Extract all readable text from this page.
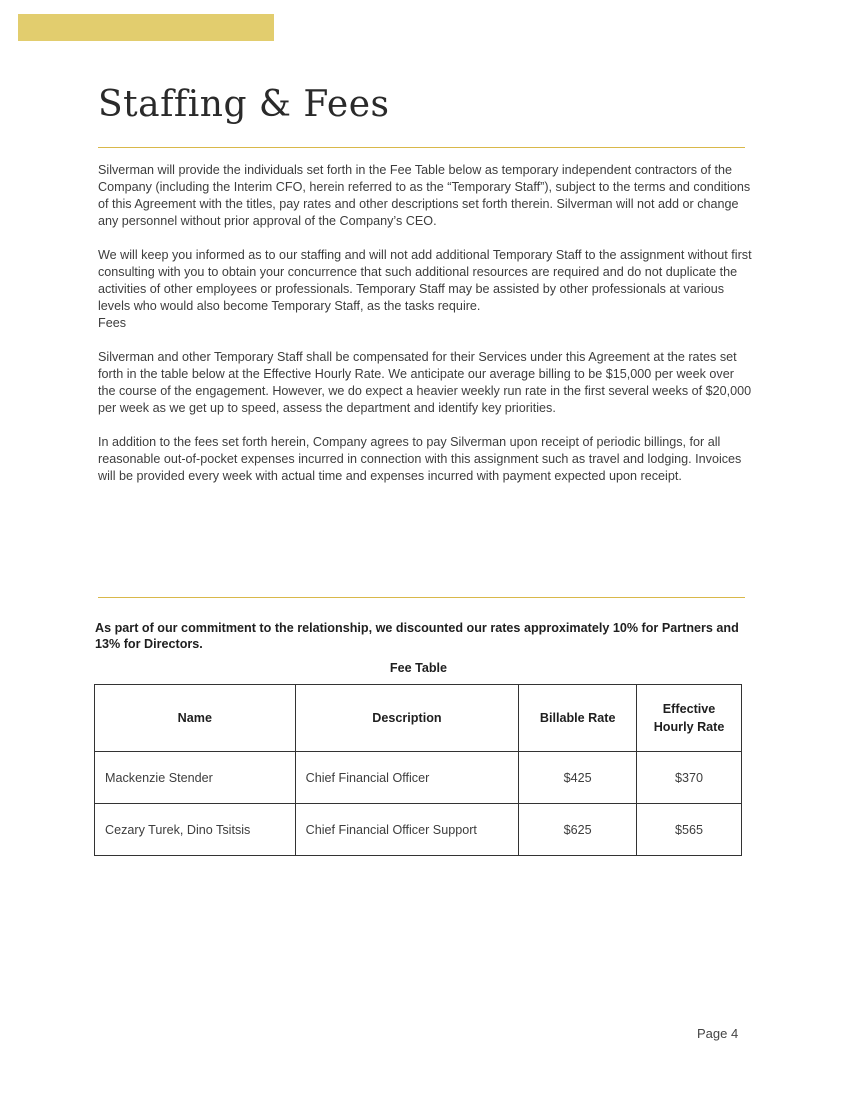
Staffing & Fees

Silverman will provide the individuals set forth in the Fee Table below as temporary independent contractors of the Company (including the Interim CFO, herein referred to as the “Temporary Staff”), subject to the terms and conditions of this Agreement with the titles, pay rates and other descriptions set forth therein. Silverman will not add or change any personnel without prior approval of the Company’s CEO.

We will keep you informed as to our staffing and will not add additional Temporary Staff to the assignment without first consulting with you to obtain your concurrence that such additional resources are required and do not duplicate the activities of other employees or professionals. Temporary Staff may be assisted by other professionals at various levels who would also become Temporary Staff, as the tasks require.

Fees

Silverman and other Temporary Staff shall be compensated for their Services under this Agreement at the rates set forth in the table below at the Effective Hourly Rate. We anticipate our average billing to be $15,000 per week over the course of the engagement. However, we do expect a heavier weekly run rate in the first several weeks of $20,000 per week as we get up to speed, assess the department and identify key priorities.

In addition to the fees set forth herein, Company agrees to pay Silverman upon receipt of periodic billings, for all reasonable out-of-pocket expenses incurred in connection with this assignment such as travel and lodging. Invoices will be provided every week with actual time and expenses incurred with payment expected upon receipt.

As part of our commitment to the relationship, we discounted our rates approximately 10% for Partners and 13% for Directors.

Fee Table
Name	Description	Billable Rate	Effective
Hourly Rate
Mackenzie Stender	Chief Financial Officer	$425	$370
Cezary Turek, Dino Tsitsis	Chief Financial Officer Support	$625	$565
Page 4
